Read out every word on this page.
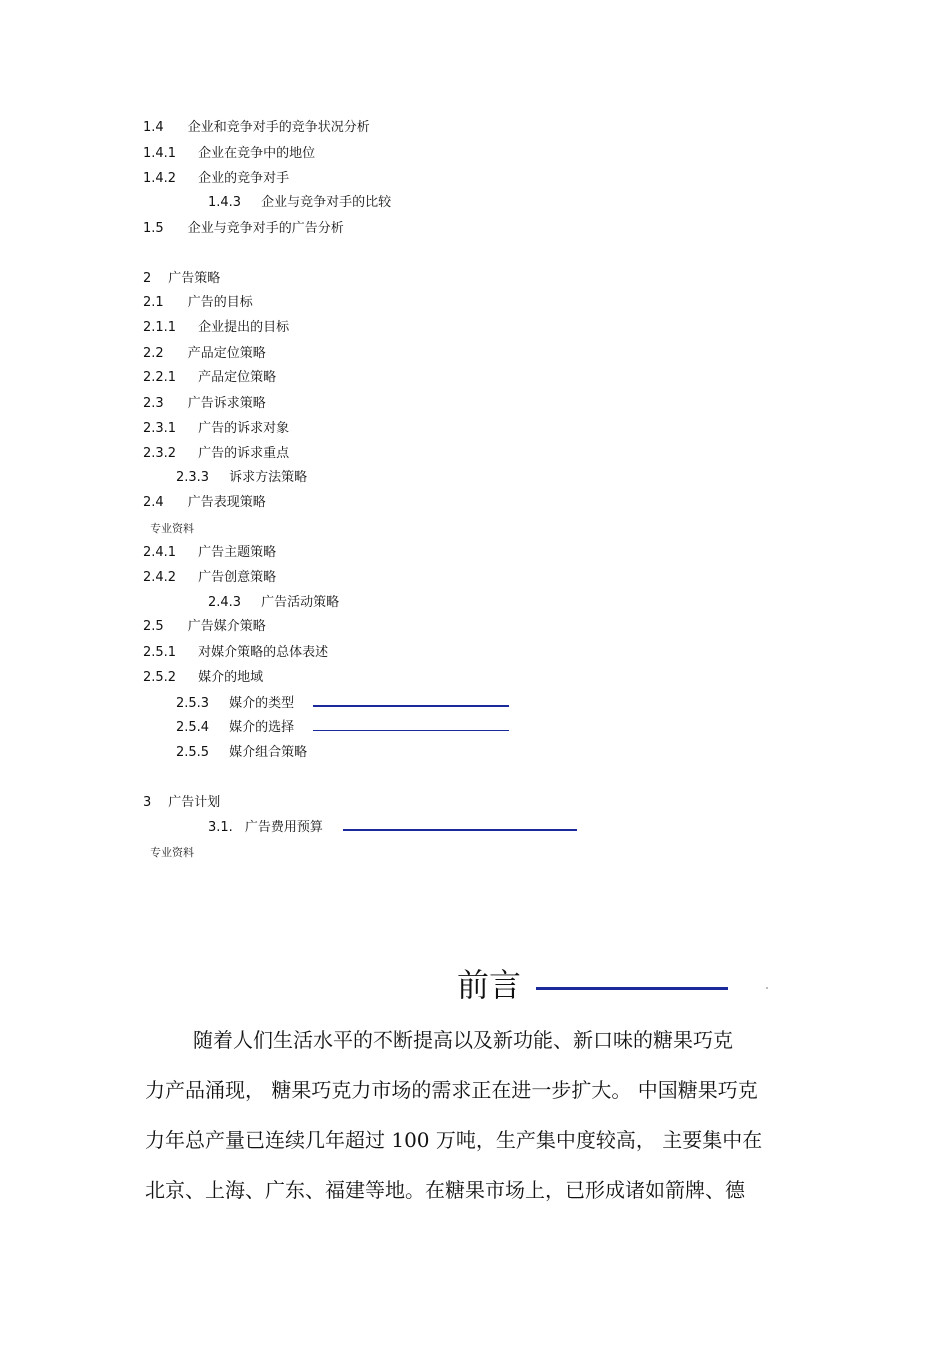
1.4 企业和竞争对手的竞争状况分析
1.4.1 企业在竞争中的地位
1.4.2 企业的竞争对手
1.4.3 企业与竞争对手的比较
1.5 企业与竞争对手的广告分析
2 广告策略
2.1 广告的目标
2.1.1 企业提出的目标
2.2 产品定位策略
2.2.1 产品定位策略
2.3 广告诉求策略
2.3.1 广告的诉求对象
2.3.2 广告的诉求重点
2.3.3 诉求方法策略
2.4 广告表现策略
专业资料
2.4.1 广告主题策略
2.4.2 广告创意策略
2.4.3 广告活动策略
2.5 广告媒介策略
2.5.1 对媒介策略的总体表述
2.5.2 媒介的地域
2.5.3 媒介的类型
2.5.4 媒介的选择
2.5.5 媒介组合策略
3 广告计划
3.1. 广告费用预算
专业资料
前言
随着人们生活水平的不断提高以及新功能、新口味的糖果巧克
力产品涌现， 糖果巧克力市场的需求正在进一步扩大。 中国糖果巧克
力年总产量已连续几年超过 100 万吨，生产集中度较高， 主要集中在
北京、上海、广东、福建等地。在糖果市场上，已形成诸如箭牌、德
